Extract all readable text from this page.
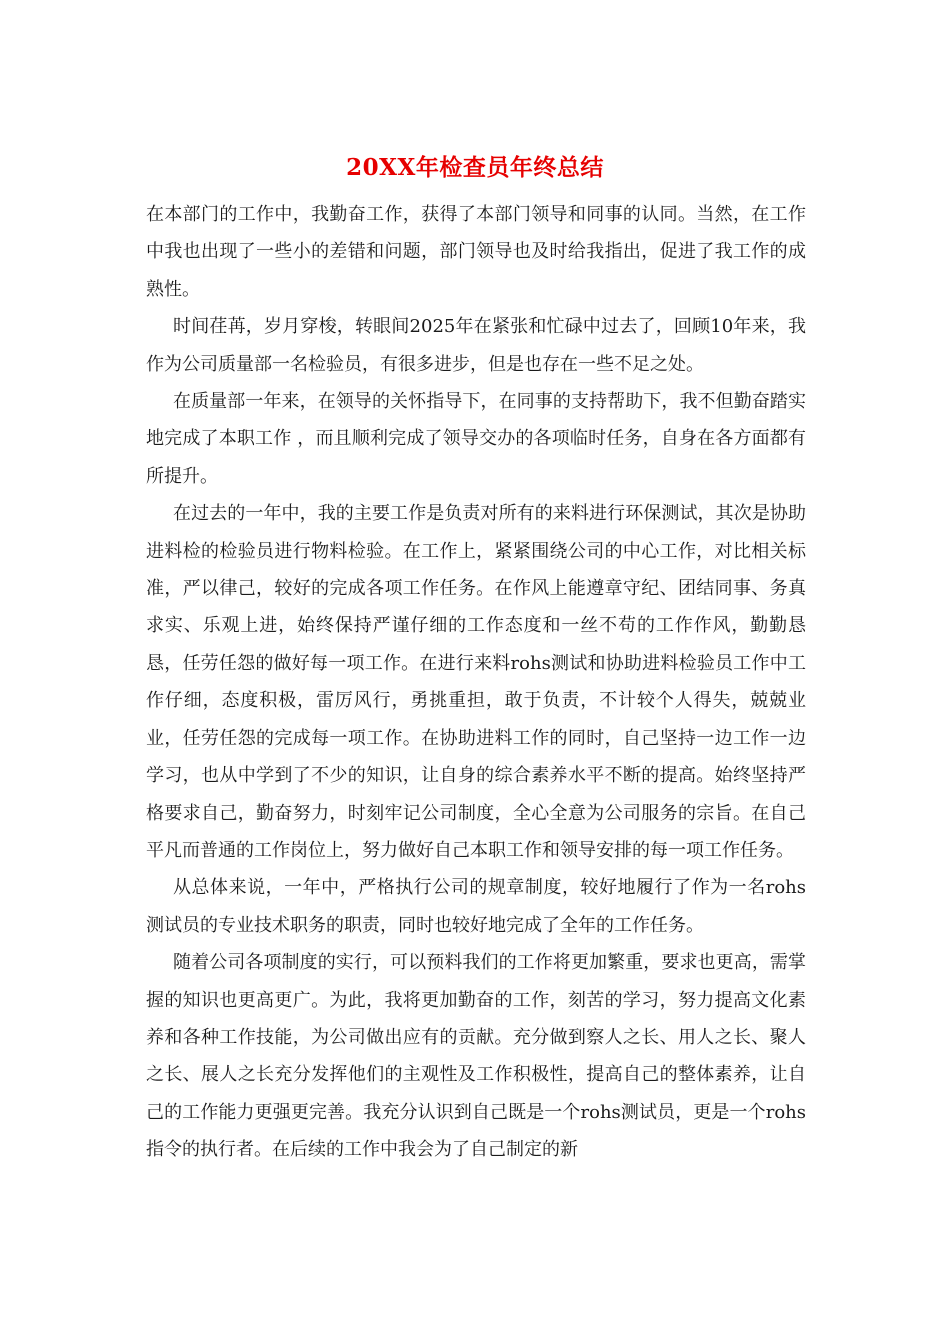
20XX年检查员年终总结

在本部门的工作中，我勤奋工作，获得了本部门领导和同事的认同。当然，在工作中我也出现了一些小的差错和问题，部门领导也及时给我指出，促进了我工作的成熟性。

时间荏苒，岁月穿梭，转眼间2025年在紧张和忙碌中过去了，回顾10年来，我作为公司质量部一名检验员，有很多进步，但是也存在一些不足之处。

在质量部一年来，在领导的关怀指导下，在同事的支持帮助下，我不但勤奋踏实地完成了本职工作 ，而且顺利完成了领导交办的各项临时任务，自身在各方面都有所提升。

在过去的一年中，我的主要工作是负责对所有的来料进行环保测试，其次是协助进料检的检验员进行物料检验。在工作上，紧紧围绕公司的中心工作，对比相关标准，严以律己，较好的完成各项工作任务。在作风上能遵章守纪、团结同事、务真求实、乐观上进，始终保持严谨仔细的工作态度和一丝不苟的工作作风，勤勤恳恳，任劳任怨的做好每一项工作。在进行来料rohs测试和协助进料检验员工作中工作仔细，态度积极，雷厉风行，勇挑重担，敢于负责，不计较个人得失，兢兢业业，任劳任怨的完成每一项工作。在协助进料工作的同时，自己坚持一边工作一边学习，也从中学到了不少的知识，让自身的综合素养水平不断的提高。始终坚持严格要求自己，勤奋努力，时刻牢记公司制度，全心全意为公司服务的宗旨。在自己平凡而普通的工作岗位上，努力做好自己本职工作和领导安排的每一项工作任务。

从总体来说，一年中，严格执行公司的规章制度，较好地履行了作为一名rohs测试员的专业技术职务的职责，同时也较好地完成了全年的工作任务。

随着公司各项制度的实行，可以预料我们的工作将更加繁重，要求也更高，需掌握的知识也更高更广。为此，我将更加勤奋的工作，刻苦的学习，努力提高文化素养和各种工作技能，为公司做出应有的贡献。充分做到察人之长、用人之长、聚人之长、展人之长充分发挥他们的主观性及工作积极性，提高自己的整体素养，让自己的工作能力更强更完善。我充分认识到自己既是一个rohs测试员，更是一个rohs指令的执行者。在后续的工作中我会为了自己制定的新
